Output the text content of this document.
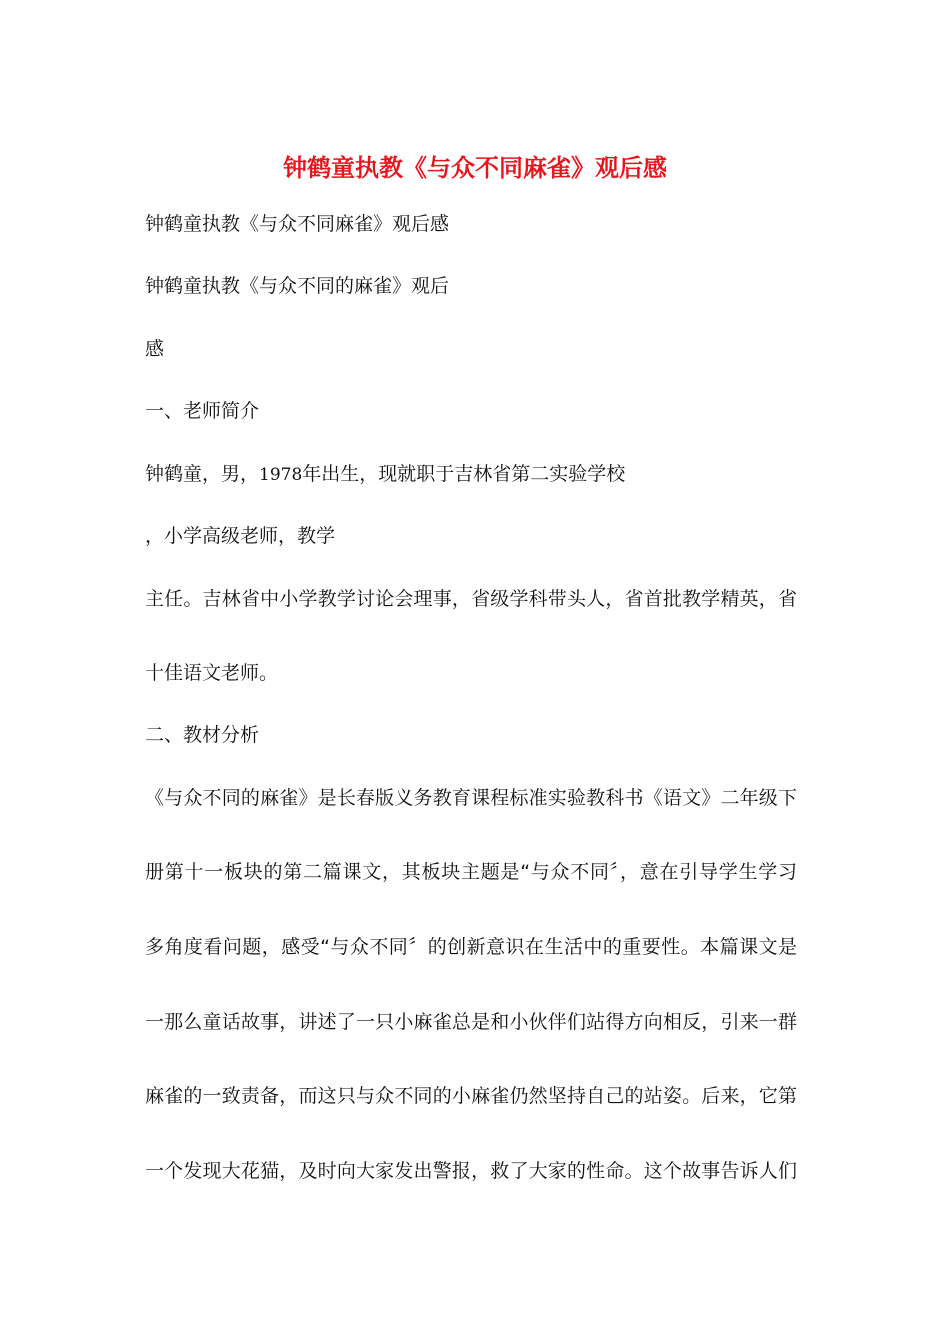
钟鹤童执教《与众不同麻雀》观后感
钟鹤童执教《与众不同麻雀》观后感
钟鹤童执教《与众不同的麻雀》观后
感
一、老师简介
钟鹤童，男，1978年出生，现就职于吉林省第二实验学校
，小学高级老师，教学
主任。吉林省中小学教学讨论会理事，省级学科带头人，省首批教学精英，省
十佳语文老师。
二、教材分析
《与众不同的麻雀》是长春版义务教育课程标准实验教科书《语文》二年级下
册第十一板块的第二篇课文，其板块主题是“与众不同〞，意在引导学生学习
多角度看问题，感受“与众不同〞的创新意识在生活中的重要性。本篇课文是
一那么童话故事，讲述了一只小麻雀总是和小伙伴们站得方向相反，引来一群
麻雀的一致责备，而这只与众不同的小麻雀仍然坚持自己的站姿。后来，它第
一个发现大花猫，及时向大家发出警报，救了大家的性命。这个故事告诉人们
